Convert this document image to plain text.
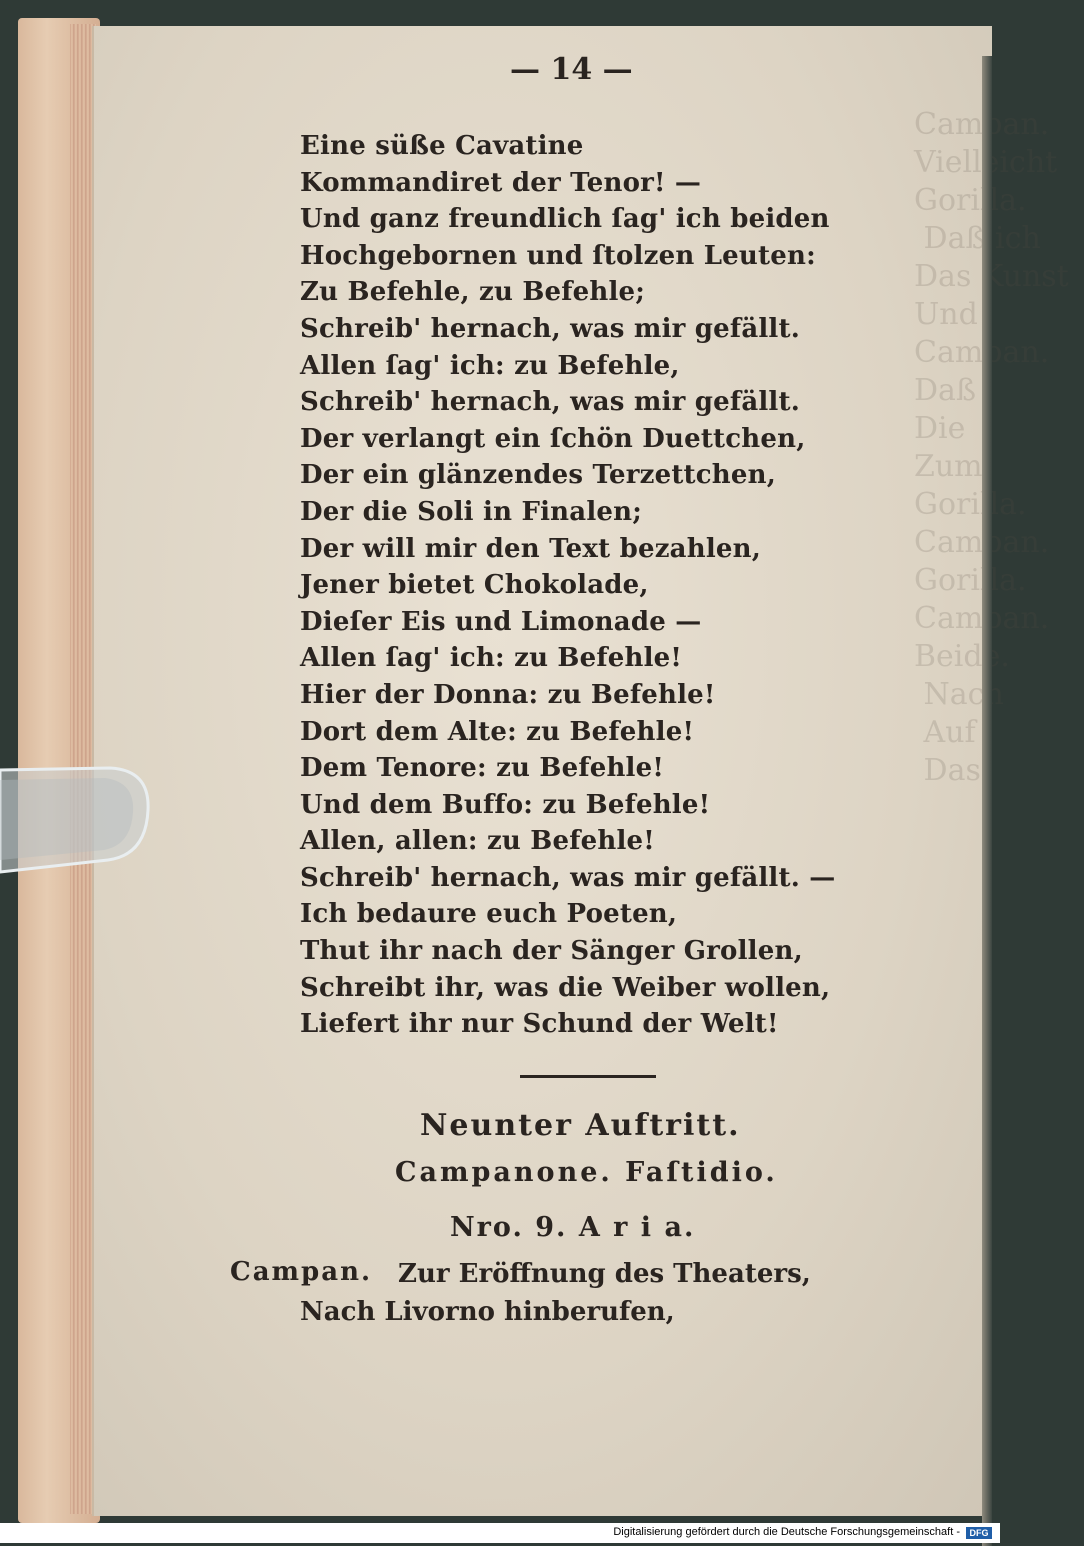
Gorilla.
Daß ich
Das Kunst
Und

Daß
Die
Zum
Gorilla.

Gorilla.

Beide.
Nach
Auf
Das
— 14 —
Eine süße Cavatine
Kommandiret der Tenor! —
Und ganz freundlich ſag' ich beiden
Hochgebornen und ſtolzen Leuten:
Zu Befehle, zu Befehle;
Schreib' hernach, was mir gefällt.
Allen ſag' ich: zu Befehle,
Schreib' hernach, was mir gefällt.
Der verlangt ein ſchön Duettchen,
Der ein glänzendes Terzettchen,
Der die Soli in Finalen;
Der will mir den Text bezahlen,
Jener bietet Chokolade,
Dieſer Eis und Limonade —
Allen ſag' ich: zu Befehle!
Hier der Donna: zu Befehle!
Dort dem Alte: zu Befehle!
Dem Tenore: zu Befehle!
Und dem Buffo: zu Befehle!
Allen, allen: zu Befehle!
Schreib' hernach, was mir gefällt. —
Ich bedaure euch Poeten,
Thut ihr nach der Sänger Grollen,
Schreibt ihr, was die Weiber wollen,
Liefert ihr nur Schund der Welt!
Neunter Auftritt.
Campanone. Faſtidio.
Nro. 9. A r i a.
Campan. Zur Eröffnung des Theaters,
Nach Livorno hinberufen,
Digitalisierung gefördert durch die Deutsche Forschungsgemeinschaft -	DFG
